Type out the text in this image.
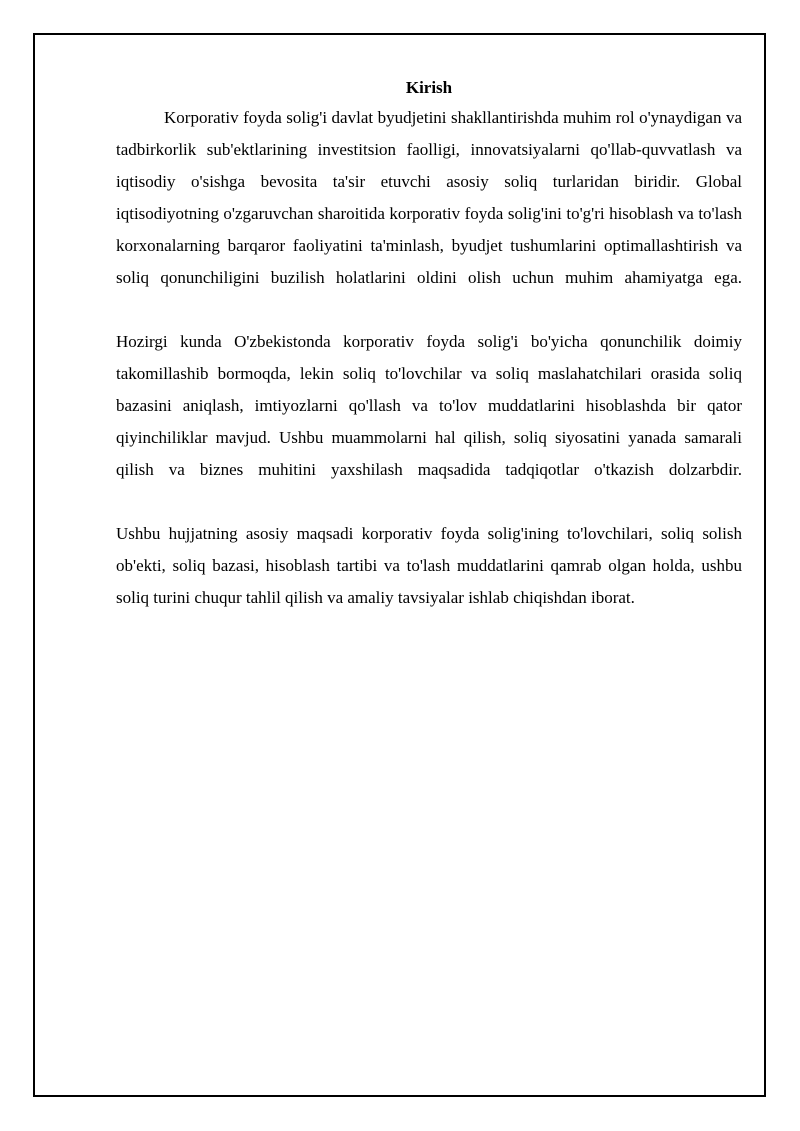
Kirish

Korporativ foyda solig'i davlat byudjetini shakllantirishda muhim rol o'ynaydigan va tadbirkorlik sub'ektlarining investitsion faolligi, innovatsiyalarni qo'llab-quvvatlash va iqtisodiy o'sishga bevosita ta'sir etuvchi asosiy soliq turlaridan biridir. Global iqtisodiyotning o'zgaruvchan sharoitida korporativ foyda solig'ini to'g'ri hisoblash va to'lash korxonalarning barqaror faoliyatini ta'minlash, byudjet tushumlarini optimallashtirish va soliq qonunchiligini buzilish holatlarini oldini olish uchun muhim ahamiyatga ega.

Hozirgi kunda O'zbekistonda korporativ foyda solig'i bo'yicha qonunchilik doimiy takomillashib bormoqda, lekin soliq to'lovchilar va soliq maslahatchilari orasida soliq bazasini aniqlash, imtiyozlarni qo'llash va to'lov muddatlarini hisoblashda bir qator qiyinchiliklar mavjud. Ushbu muammolarni hal qilish, soliq siyosatini yanada samarali qilish va biznes muhitini yaxshilash maqsadida tadqiqotlar o'tkazish dolzarbdir.

Ushbu hujjatning asosiy maqsadi korporativ foyda solig'ining to'lovchilari, soliq solish ob'ekti, soliq bazasi, hisoblash tartibi va to'lash muddatlarini qamrab olgan holda, ushbu soliq turini chuqur tahlil qilish va amaliy tavsiyalar ishlab chiqishdan iborat.
